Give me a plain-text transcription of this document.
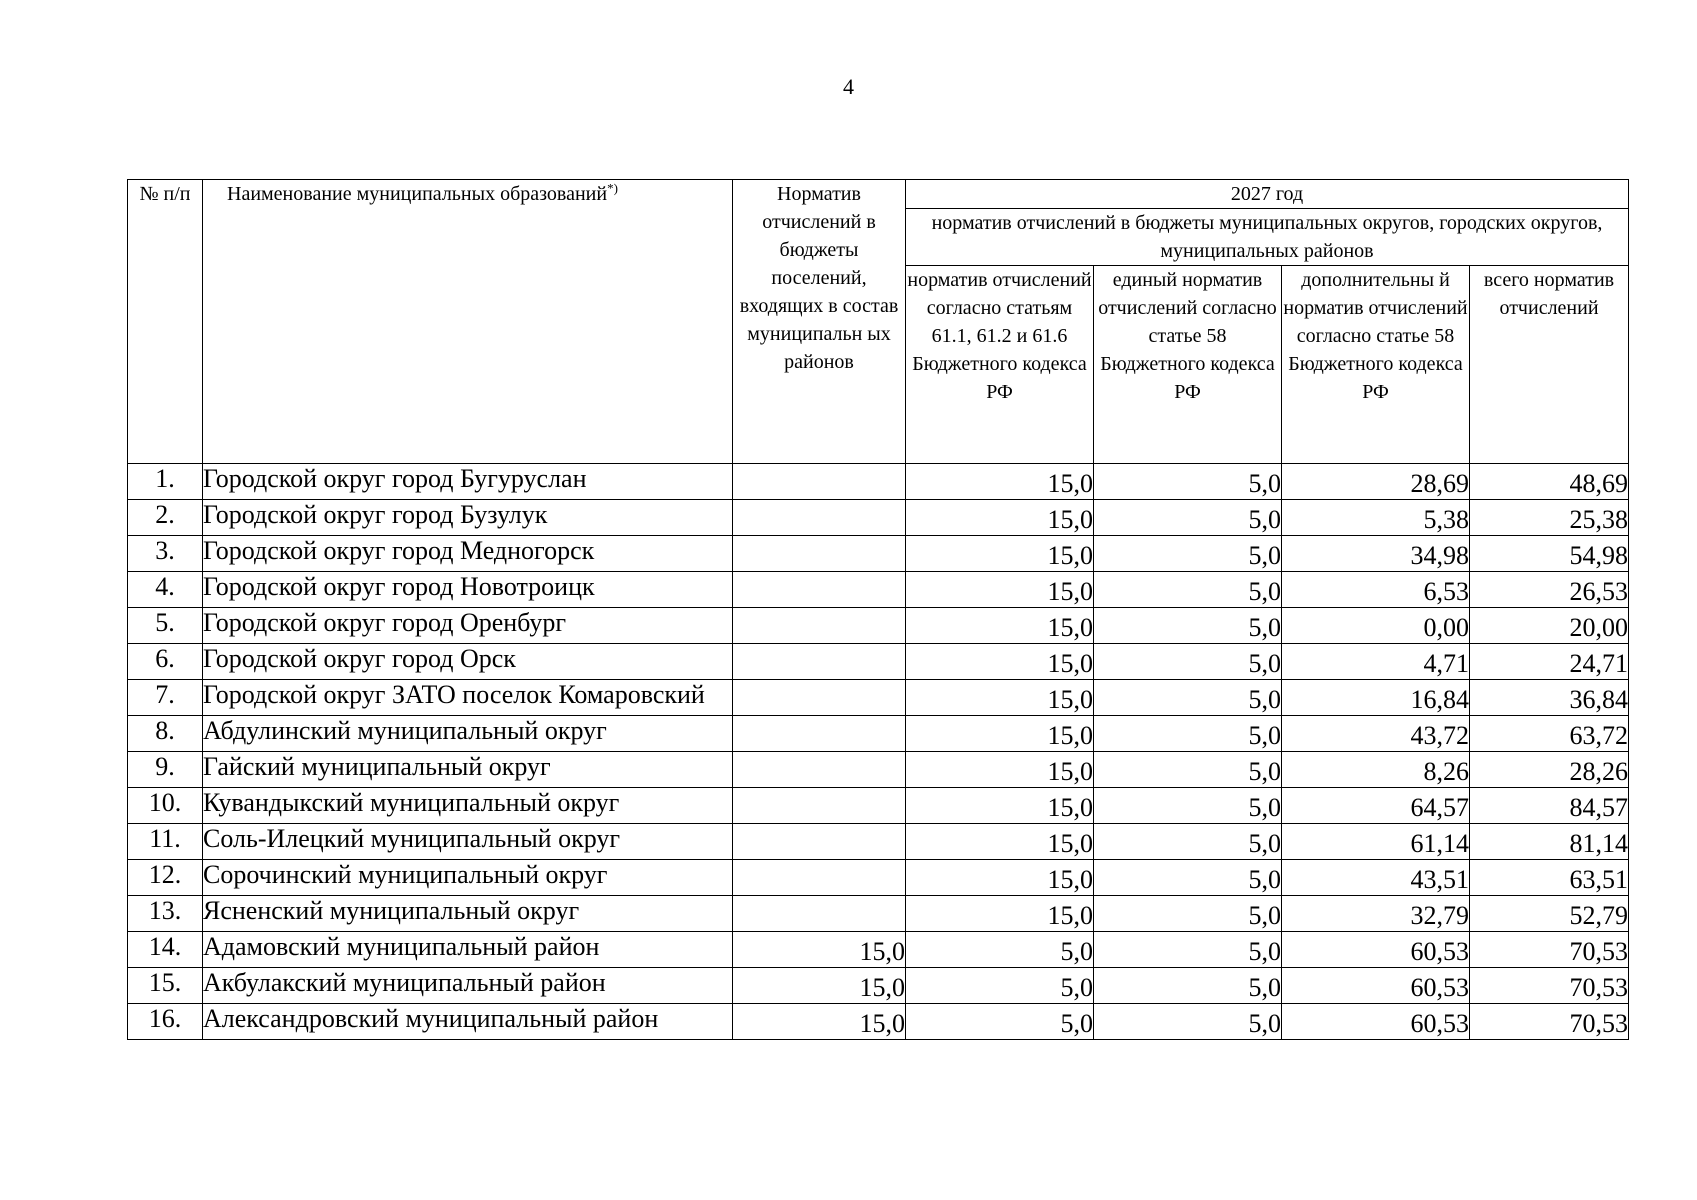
4
№ п/п	Наименование муниципальных образований*)	Норматив отчислений в бюджеты поселений, входящих в состав муниципальн ых районов	2027 год			
			норматив отчислений в бюджеты муниципальных округов, городских округов, муниципальных районов			
			норматив отчислений согласно статьям 61.1, 61.2 и 61.6 Бюджетного кодекса РФ	единый норматив отчислений согласно статье 58 Бюджетного кодекса РФ	дополнительны й норматив отчислений согласно статье 58 Бюджетного кодекса РФ	всего норматив отчислений
1.	Городской округ город Бугуруслан		15,0	5,0	28,69	48,69
2.	Городской округ город Бузулук		15,0	5,0	5,38	25,38
3.	Городской округ город Медногорск		15,0	5,0	34,98	54,98
4.	Городской округ город Новотроицк		15,0	5,0	6,53	26,53
5.	Городской округ город Оренбург		15,0	5,0	0,00	20,00
6.	Городской округ город Орск		15,0	5,0	4,71	24,71
7.	Городской округ ЗАТО поселок Комаровский		15,0	5,0	16,84	36,84
8.	Абдулинский муниципальный округ		15,0	5,0	43,72	63,72
9.	Гайский муниципальный округ		15,0	5,0	8,26	28,26
10.	Кувандыкский муниципальный округ		15,0	5,0	64,57	84,57
11.	Соль-Илецкий муниципальный округ		15,0	5,0	61,14	81,14
12.	Сорочинский муниципальный округ		15,0	5,0	43,51	63,51
13.	Ясненский муниципальный округ		15,0	5,0	32,79	52,79
14.	Адамовский муниципальный район	15,0	5,0	5,0	60,53	70,53
15.	Акбулакский муниципальный район	15,0	5,0	5,0	60,53	70,53
16.	Александровский муниципальный район	15,0	5,0	5,0	60,53	70,53
